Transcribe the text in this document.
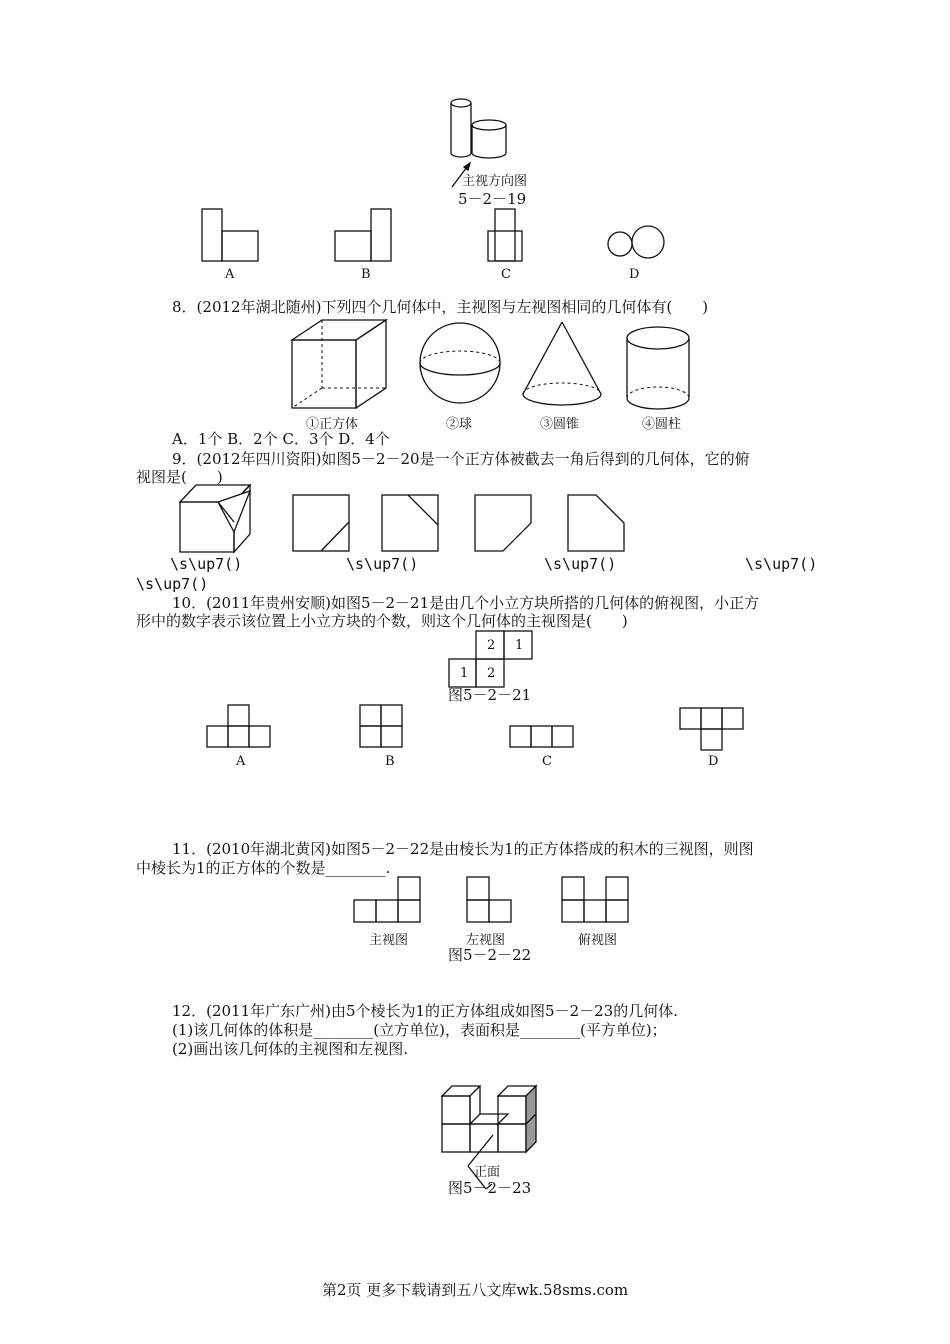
主视方向图
5－2－19
A	B	C	D
8．(2012年湖北随州)下列四个几何体中，主视图与左视图相同的几何体有(　　)
①正方体	②球	③圆锥	④圆柱
A．1个 B．2个 C．3个 D．4个
9．(2012年四川资阳)如图5－2－20是一个正方体被截去一角后得到的几何体，它的俯
视图是(　　)
\s\up7()	\s\up7()	\s\up7()	\s\up7()
\s\up7()
10．(2011年贵州安顺)如图5－2－21是由几个小立方块所搭的几何体的俯视图，小正方
形中的数字表示该位置上小立方块的个数，则这个几何体的主视图是(　　)
2 1
1 2
图5－2－21
A	B	C	D
11．(2010年湖北黄冈)如图5－2－22是由棱长为1的正方体搭成的积木的三视图，则图
中棱长为1的正方体的个数是________.
主视图	左视图	俯视图
图5－2－22
12．(2011年广东广州)由5个棱长为1的正方体组成如图5－2－23的几何体.
(1)该几何体的体积是________(立方单位)，表面积是________(平方单位)；
(2)画出该几何体的主视图和左视图.
正面
图5－2－23
第2页 更多下载请到五八文库wk.58sms.com
